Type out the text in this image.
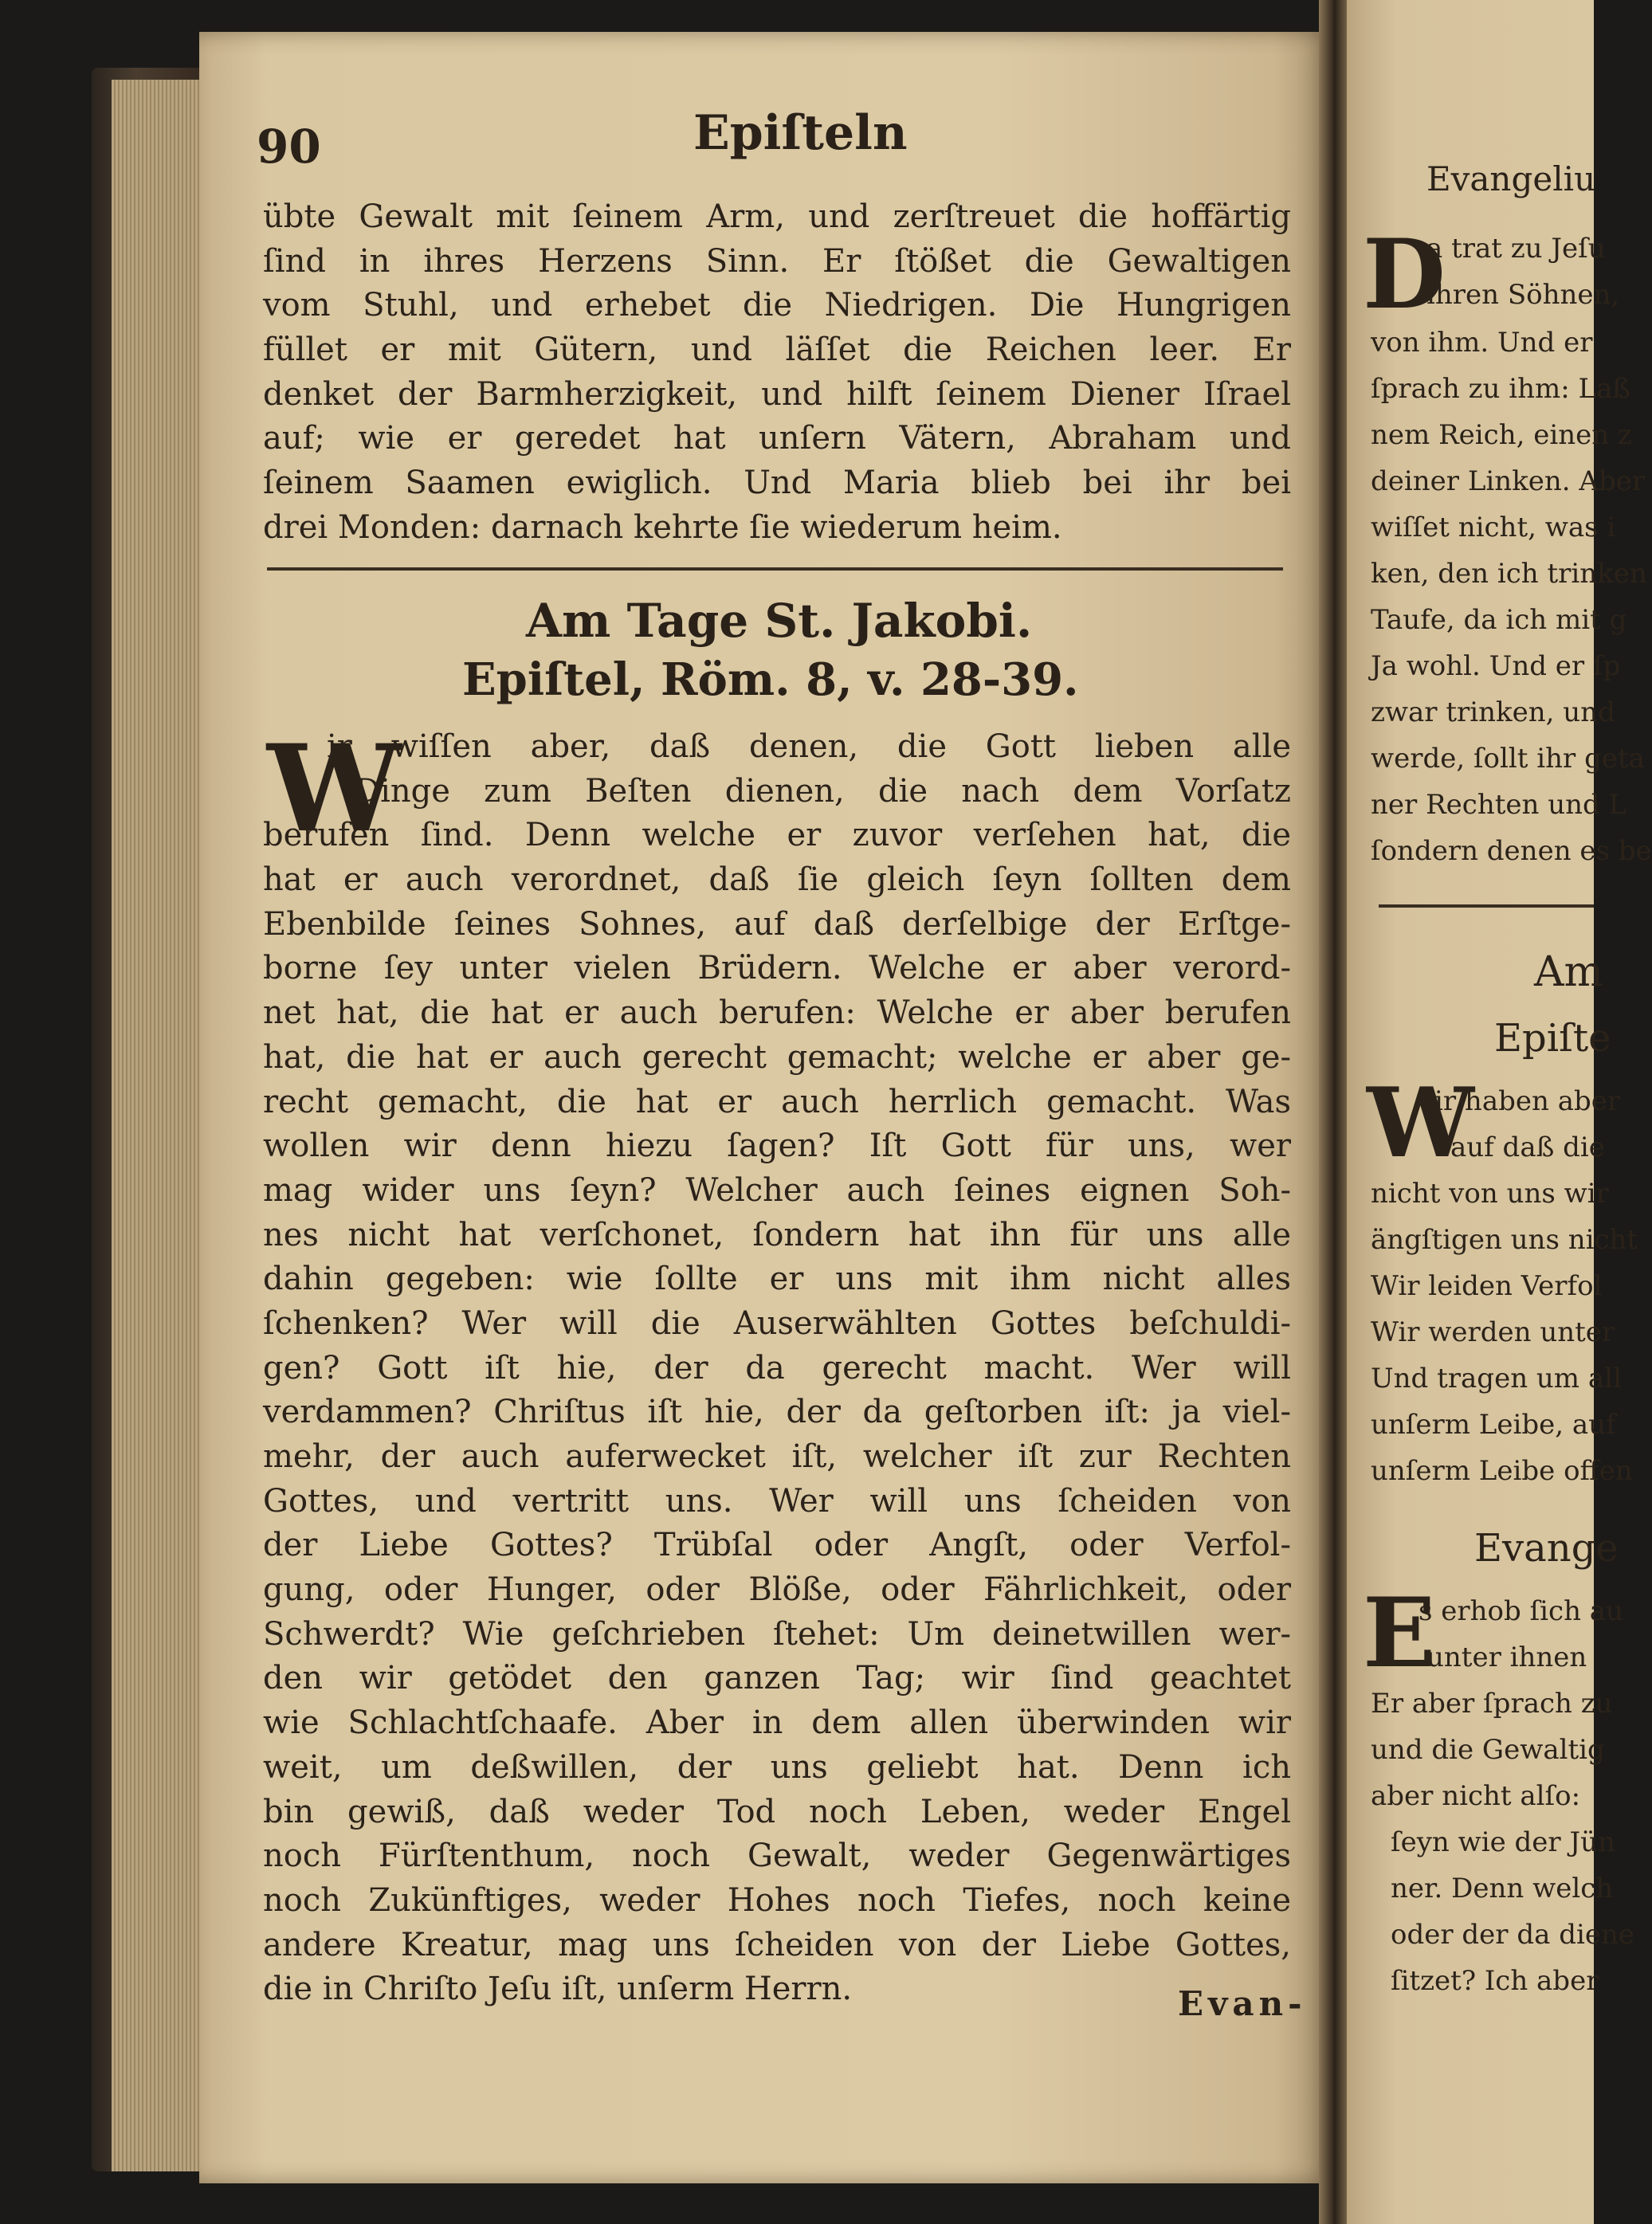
90	Epiſteln
übte Gewalt mit ſeinem Arm, und zerſtreuet die hoffärtig
ſind in ihres Herzens Sinn. Er ſtößet die Gewaltigen
vom Stuhl, und erhebet die Niedrigen. Die Hungrigen
füllet er mit Gütern, und läſſet die Reichen leer. Er
denket der Barmherzigkeit, und hilft ſeinem Diener Iſrael
auf; wie er geredet hat unſern Vätern, Abraham und
ſeinem Saamen ewiglich. Und Maria blieb bei ihr bei
drei Monden: darnach kehrte ſie wiederum heim.
Am Tage St. Jakobi.
Epiſtel, Röm. 8, v. 28-39.
W
ir wiſſen aber, daß denen, die Gott lieben alle
Dinge zum Beſten dienen, die nach dem Vorſatz
berufen ſind. Denn welche er zuvor verſehen hat, die
hat er auch verordnet, daß ſie gleich ſeyn ſollten dem
Ebenbilde ſeines Sohnes, auf daß derſelbige der Erſtge-
borne ſey unter vielen Brüdern. Welche er aber verord-
net hat, die hat er auch berufen: Welche er aber berufen
hat, die hat er auch gerecht gemacht; welche er aber ge-
recht gemacht, die hat er auch herrlich gemacht. Was
wollen wir denn hiezu ſagen? Iſt Gott für uns, wer
mag wider uns ſeyn? Welcher auch ſeines eignen Soh-
nes nicht hat verſchonet, ſondern hat ihn für uns alle
dahin gegeben: wie ſollte er uns mit ihm nicht alles
ſchenken? Wer will die Auserwählten Gottes beſchuldi-
gen? Gott iſt hie, der da gerecht macht. Wer will
verdammen? Chriſtus iſt hie, der da geſtorben iſt: ja viel-
mehr, der auch auferwecket iſt, welcher iſt zur Rechten
Gottes, und vertritt uns. Wer will uns ſcheiden von
der Liebe Gottes? Trübſal oder Angſt, oder Verfol-
gung, oder Hunger, oder Blöße, oder Fährlichkeit, oder
Schwerdt? Wie geſchrieben ſtehet: Um deinetwillen wer-
den wir getödet den ganzen Tag; wir ſind geachtet
wie Schlachtſchaafe. Aber in dem allen überwinden wir
weit, um deßwillen, der uns geliebt hat. Denn ich
bin gewiß, daß weder Tod noch Leben, weder Engel
noch Fürſtenthum, noch Gewalt, weder Gegenwärtiges
noch Zukünftiges, weder Hohes noch Tiefes, noch keine
andere Kreatur, mag uns ſcheiden von der Liebe Gottes,
die in Chriſto Jeſu iſt, unſerm Herrn.	Evan-
Evangeliu
D
a trat zu Jeſu
ihren Söhnen,
von ihm. Und er
ſprach zu ihm: Laß
nem Reich, einen z
deiner Linken. Aber
wiſſet nicht, was i
ken, den ich trinken
Taufe, da ich mit g
Ja wohl. Und er ſp
zwar trinken, und
werde, ſollt ihr geta
ner Rechten und L
ſondern denen es be
Am
Epiſte
W
ir haben aber
auf daß die
nicht von uns wir
ängſtigen uns nicht
Wir leiden Verfol
Wir werden unter
Und tragen um all
unſerm Leibe, auf
unſerm Leibe offen
Evange
E
s erhob ſich au
unter ihnen
Er aber ſprach zu
und die Gewaltig
aber nicht alſo:
ſeyn wie der Jün
ner. Denn welch
oder der da diene
ſitzet? Ich aber
